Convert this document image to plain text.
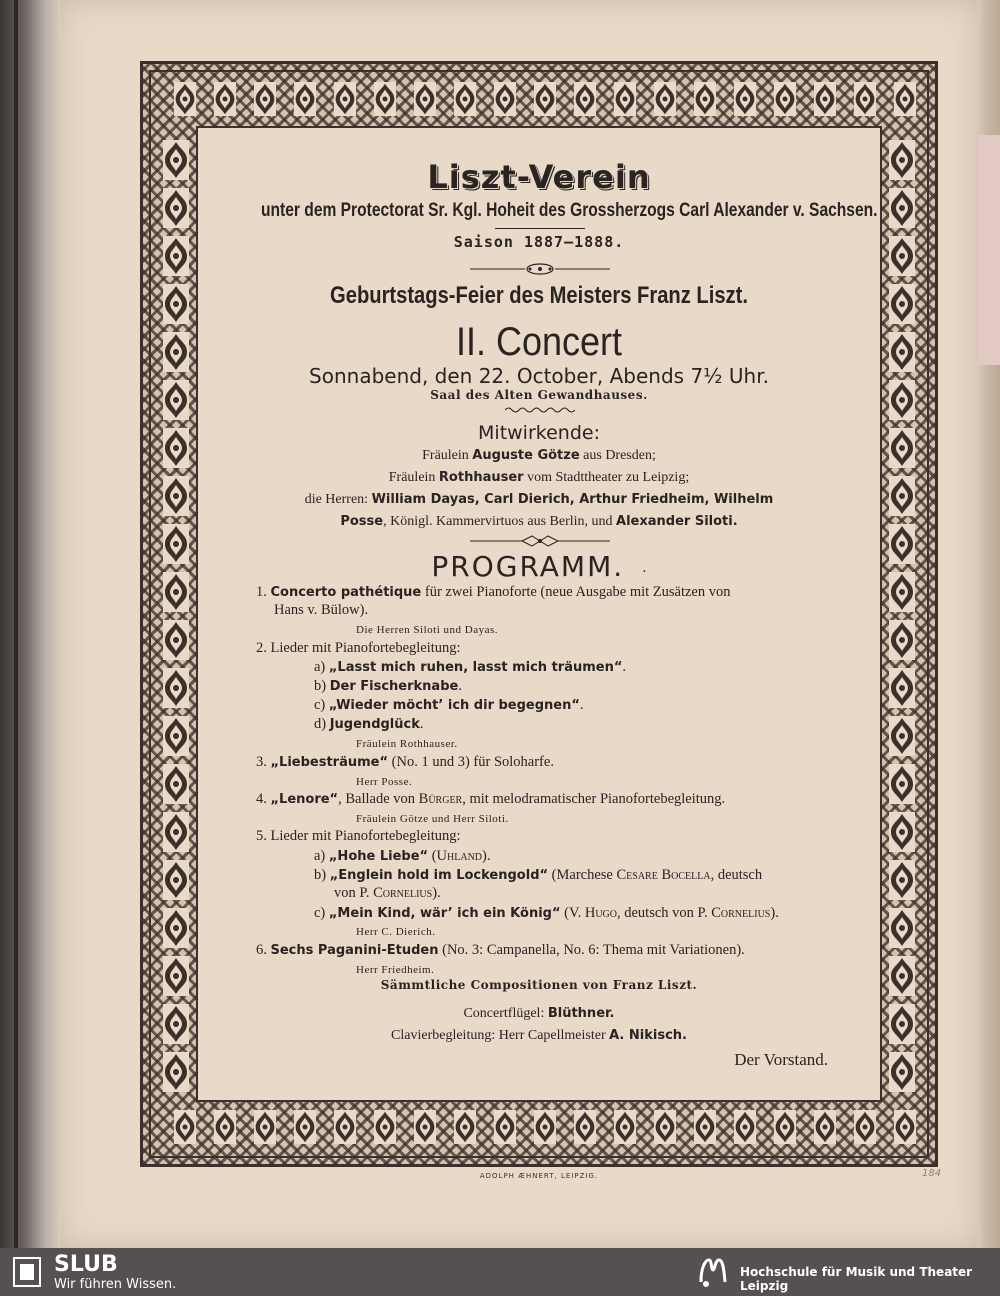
Liszt-Verein
unter dem Protectorat Sr. Kgl. Hoheit des Grossherzogs Carl Alexander v. Sachsen.
Saison 1887–1888.
Geburtstags-Feier des Meisters Franz Liszt.
II. Concert
Sonnabend, den 22. October, Abends 7½ Uhr.
Saal des Alten Gewandhauses.
Mitwirkende:
Fräulein Auguste Götze aus Dresden;
Fräulein Rothhauser vom Stadttheater zu Leipzig;
die Herren: William Dayas, Carl Dierich, Arthur Friedheim, Wilhelm
Posse, Königl. Kammervirtuos aus Berlin, und Alexander Siloti.
PROGRAMM. .
1. Concerto pathétique für zwei Pianoforte (neue Ausgabe mit Zusätzen von
Hans v. Bülow).
Die Herren Siloti und Dayas.
2. Lieder mit Pianofortebegleitung:
a) „Lasst mich ruhen, lasst mich träumen“.
b) Der Fischerknabe.
c) „Wieder möcht’ ich dir begegnen“.
d) Jugendglück.
Fräulein Rothhauser.
3. „Liebesträume“ (No. 1 und 3) für Soloharfe.
Herr Posse.
4. „Lenore“, Ballade von Bürger, mit melodramatischer Pianofortebegleitung.
Fräulein Götze und Herr Siloti.
5. Lieder mit Pianofortebegleitung:
a) „Hohe Liebe“ (Uhland).
b) „Englein hold im Lockengold“ (Marchese Cesare Bocella, deutsch
von P. Cornelius).
c) „Mein Kind, wär’ ich ein König“ (V. Hugo, deutsch von P. Cornelius).
Herr C. Dierich.
6. Sechs Paganini-Etuden (No. 3: Campanella, No. 6: Thema mit Variationen).
Herr Friedheim.
Sämmtliche Compositionen von Franz Liszt.
Concertflügel: Blüthner.
Clavierbegleitung: Herr Capellmeister A. Nikisch.
Der Vorstand.
ADOLPH ÆHNERT, LEIPZIG.	184
SLUB
Wir führen Wissen.
Hochschule für Musik und Theater Leipzig
